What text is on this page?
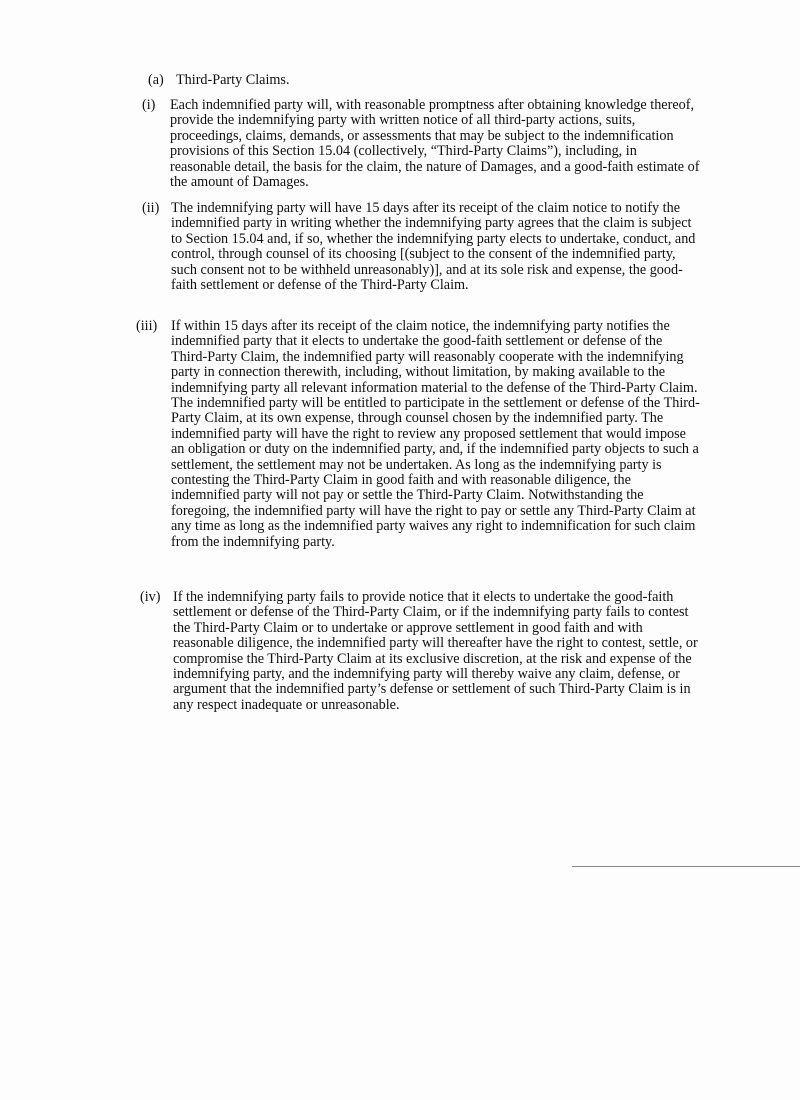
(a) Third-Party Claims.
(i) Each indemnified party will, with reasonable promptness after obtaining knowledge thereof, provide the indemnifying party with written notice of all third-party actions, suits, proceedings, claims, demands, or assessments that may be subject to the indemnification provisions of this Section 15.04 (collectively, “Third-Party Claims”), including, in reasonable detail, the basis for the claim, the nature of Damages, and a good-faith estimate of the amount of Damages.
(ii) The indemnifying party will have 15 days after its receipt of the claim notice to notify the indemnified party in writing whether the indemnifying party agrees that the claim is subject to Section 15.04 and, if so, whether the indemnifying party elects to undertake, conduct, and control, through counsel of its choosing [(subject to the consent of the indemnified party, such consent not to be withheld unreasonably)], and at its sole risk and expense, the good-faith settlement or defense of the Third-Party Claim.
(iii) If within 15 days after its receipt of the claim notice, the indemnifying party notifies the indemnified party that it elects to undertake the good-faith settlement or defense of the Third-Party Claim, the indemnified party will reasonably cooperate with the indemnifying party in connection therewith, including, without limitation, by making available to the indemnifying party all relevant information material to the defense of the Third-Party Claim. The indemnified party will be entitled to participate in the settlement or defense of the Third-Party Claim, at its own expense, through counsel chosen by the indemnified party. The indemnified party will have the right to review any proposed settlement that would impose an obligation or duty on the indemnified party, and, if the indemnified party objects to such a settlement, the settlement may not be undertaken. As long as the indemnifying party is contesting the Third-Party Claim in good faith and with reasonable diligence, the indemnified party will not pay or settle the Third-Party Claim. Notwithstanding the foregoing, the indemnified party will have the right to pay or settle any Third-Party Claim at any time as long as the indemnified party waives any right to indemnification for such claim from the indemnifying party.
(iv) If the indemnifying party fails to provide notice that it elects to undertake the good-faith settlement or defense of the Third-Party Claim, or if the indemnifying party fails to contest the Third-Party Claim or to undertake or approve settlement in good faith and with reasonable diligence, the indemnified party will thereafter have the right to contest, settle, or compromise the Third-Party Claim at its exclusive discretion, at the risk and expense of the indemnifying party, and the indemnifying party will thereby waive any claim, defense, or argument that the indemnified party’s defense or settlement of such Third-Party Claim is in any respect inadequate or unreasonable.
